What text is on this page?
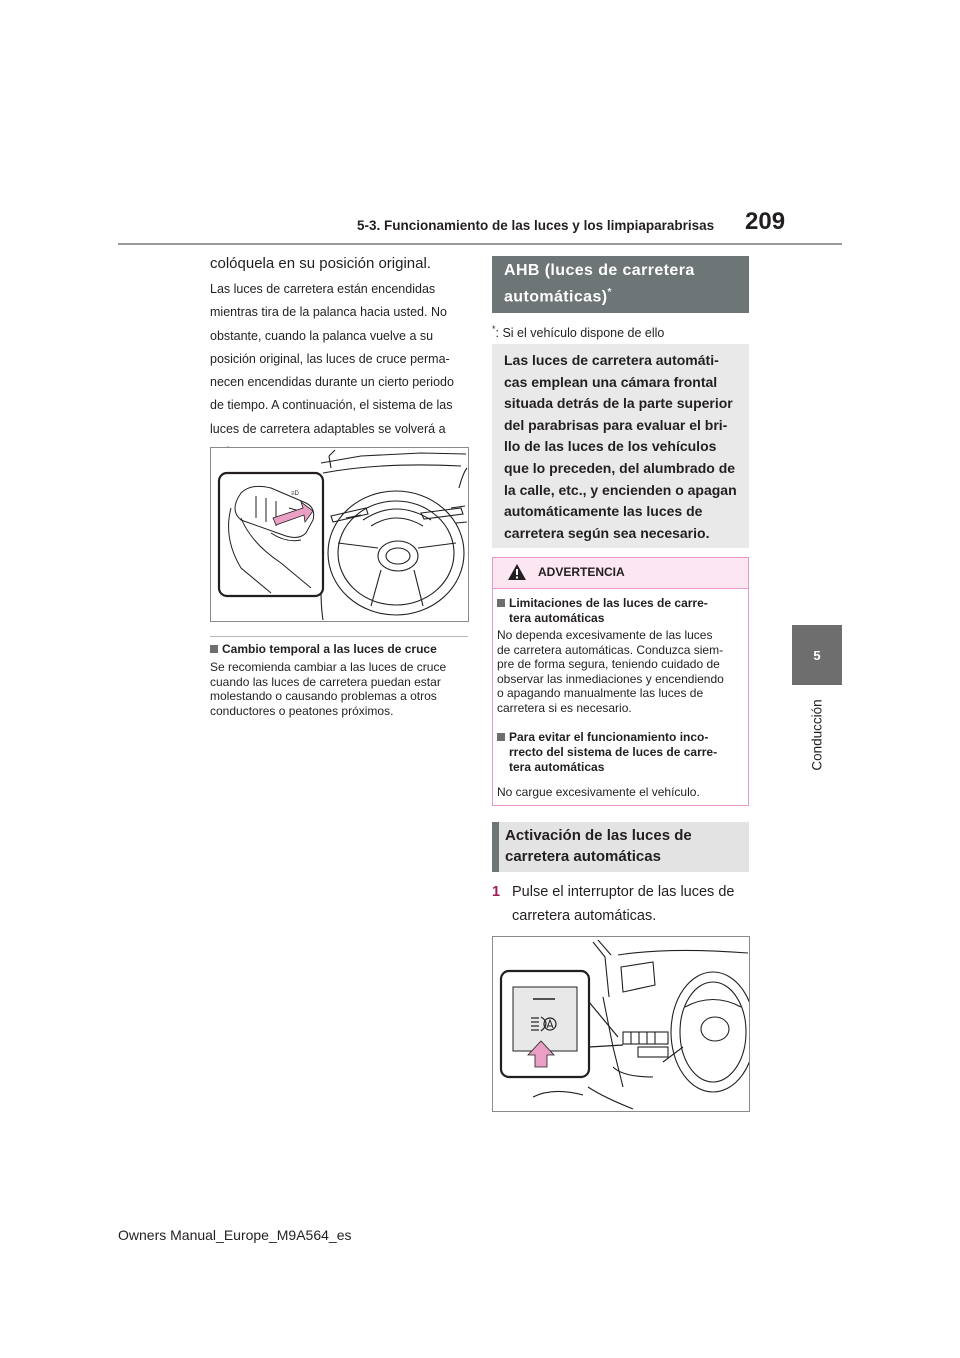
5-3. Funcionamiento de las luces y los limpiaparabrisas 209
5
Conducción
colóquela en su posición original.
Las luces de carretera están encendidas
mientras tira de la palanca hacia usted. No
obstante, cuando la palanca vuelve a su
posición original, las luces de cruce perma-
necen encendidas durante un cierto periodo
de tiempo. A continuación, el sistema de las
luces de carretera adaptables se volverá a
≡D
Cambio temporal a las luces de cruce
Se recomienda cambiar a las luces de cruce
cuando las luces de carretera puedan estar
molestando o causando problemas a otros
conductores o peatones próximos.
AHB (luces de carretera
automáticas)*
*: Si el vehículo dispone de ello
Las luces de carretera automáti-
cas emplean una cámara frontal
situada detrás de la parte superior
del parabrisas para evaluar el bri-
llo de las luces de los vehículos
que lo preceden, del alumbrado de
la calle, etc., y encienden o apagan
automáticamente las luces de
carretera según sea necesario.
ADVERTENCIA
Limitaciones de las luces de carre-
tera automáticas
No dependa excesivamente de las luces
de carretera automáticas. Conduzca siem-
pre de forma segura, teniendo cuidado de
observar las inmediaciones y encendiendo
o apagando manualmente las luces de
carretera si es necesario.
Para evitar el funcionamiento inco-
rrecto del sistema de luces de carre-
tera automáticas
No cargue excesivamente el vehículo.
Activación de las luces de
carretera automáticas
1 Pulse el interruptor de las luces de
carretera automáticas.
Owners Manual_Europe_M9A564_es
